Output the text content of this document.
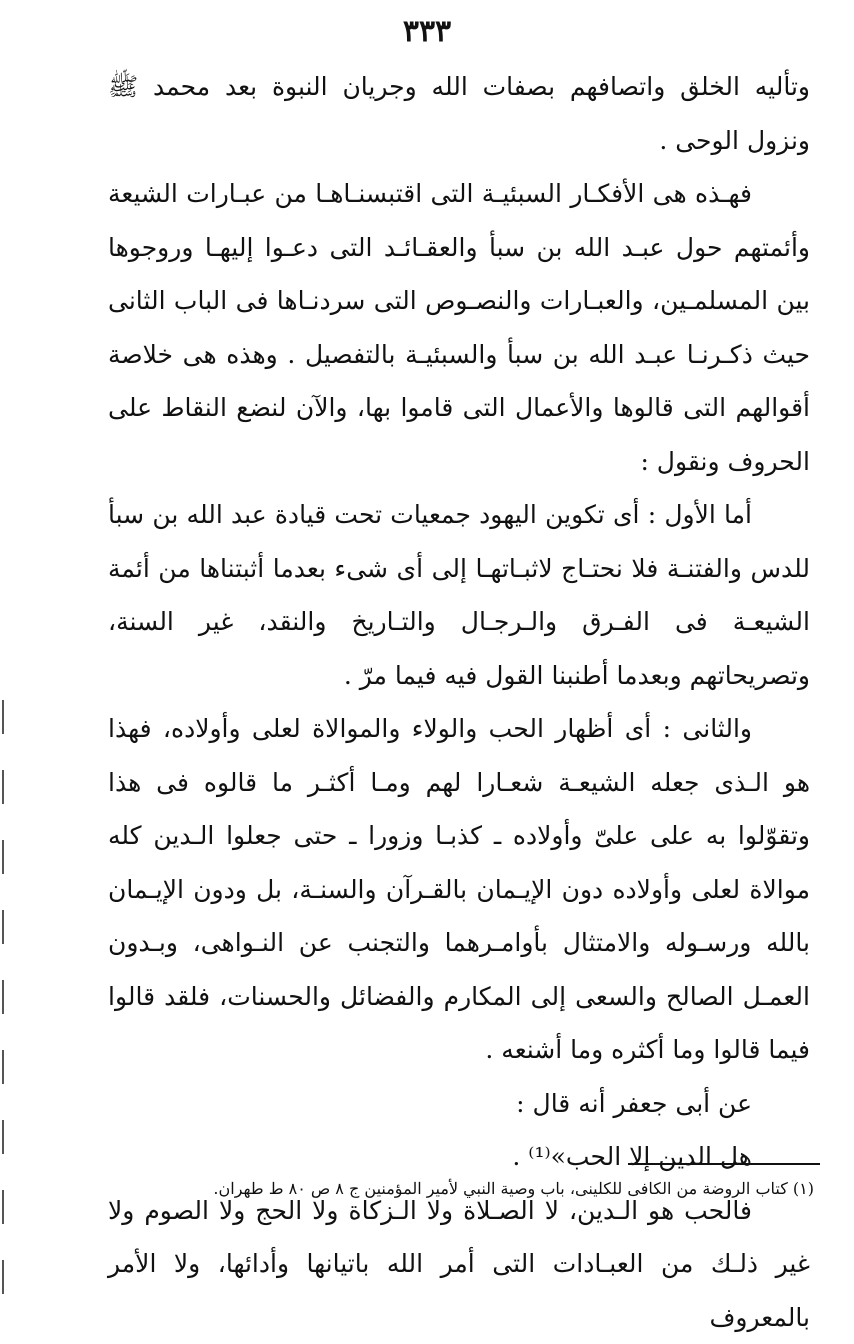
٣٣٣

وتأليه الخلق واتصافهم بصفات الله وجريان النبوة بعد محمد ﷺ ونزول الوحى .

فهـذه هى الأفكـار السبئيـة التى اقتبسنـاهـا من عبـارات الشيعة وأئمتهم حول عبـد الله بن سبأ والعقـائـد التى دعـوا إليهـا وروجوها بين المسلمـين، والعبـارات والنصـوص التى سردنـاها فى الباب الثانى حيث ذكـرنـا عبـد الله بن سبأ والسبئيـة بالتفصيل . وهذه هى خلاصة أقوالهم التى قالوها والأعمال التى قاموا بها، والآن لنضع النقاط على الحروف ونقول :

أما الأول : أى تكوين اليهود جمعيات تحت قيادة عبد الله بن سبأ للدس والفتنـة فلا نحتـاج لاثبـاتهـا إلى أى شىء بعدما أثبتناها من أئمة الشيعـة فى الفـرق والـرجـال والتـاريخ والنقد، غير السنة، وتصريحاتهم وبعدما أطنبنا القول فيه فيما مرّ .

والثانى : أى أظهار الحب والولاء والموالاة لعلى وأولاده، فهذا هو الـذى جعله الشيعـة شعـارا لهم ومـا أكثـر ما قالوه فى هذا وتقوّلوا به على علىّ وأولاده ـ كذبـا وزورا ـ حتى جعلوا الـدين كله موالاة لعلى وأولاده دون الإيـمان بالقـرآن والسنـة، بل ودون الإيـمان بالله ورسـوله والامتثال بأوامـرهما والتجنب عن النـواهى، وبـدون العمـل الصالح والسعى إلى المكارم والفضائل والحسنات، فلقد قالوا فيما قالوا وما أكثره وما أشنعه .

عن أبى جعفر أنه قال :

هل الدين إلا الحب»⁽¹⁾ .

فالحب هو الـدين، لا الصـلاة ولا الـزكاة ولا الحج ولا الصوم ولا غير ذلـك من العبـادات التى أمر الله باتيانها وأدائها، ولا الأمر بالمعروف

(١) كتاب الروضة من الكافى للكلينى، باب وصية النبي لأمير المؤمنين ج ٨ ص ٨٠ ط طهران.
